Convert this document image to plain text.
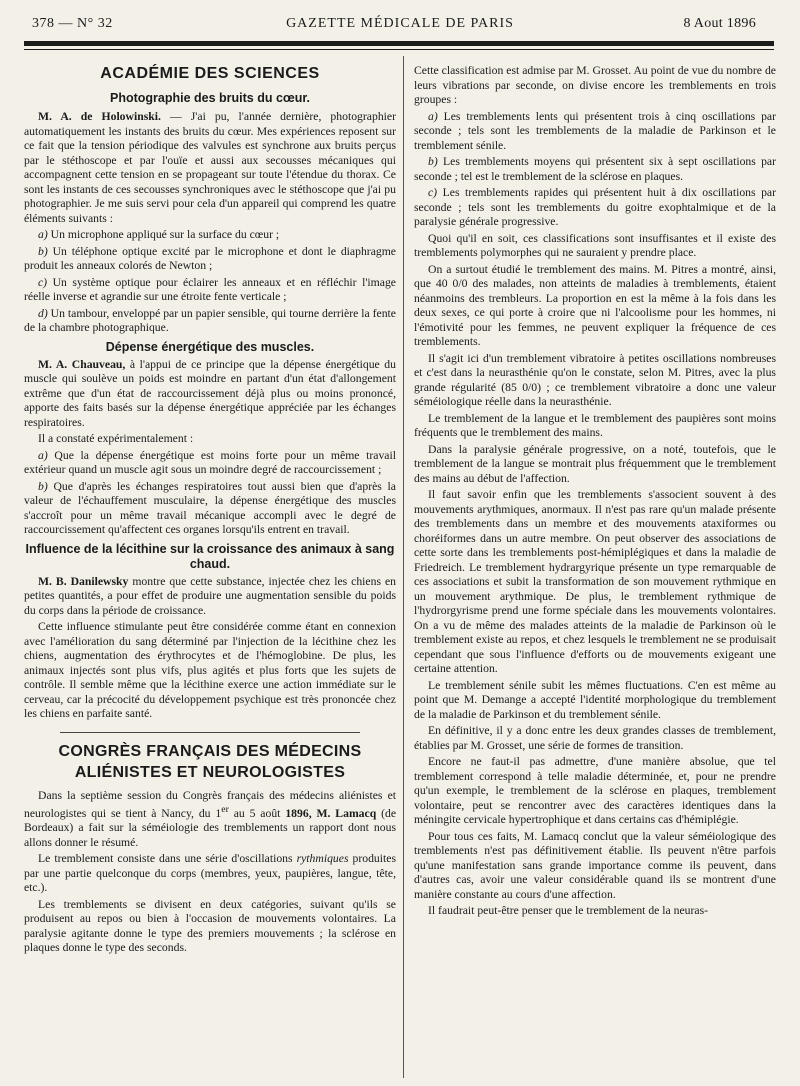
378 — N° 32	GAZETTE MÉDICALE DE PARIS	8 Aout 1896
ACADÉMIE DES SCIENCES
Photographie des bruits du cœur.

M. A. de Holowinski. — J'ai pu, l'année dernière, photographier automatiquement les instants des bruits du cœur. Mes expériences reposent sur ce fait que la tension périodique des valvules est synchrone aux bruits perçus par le stéthoscope et par l'ouïe et aussi aux secousses mécaniques qui accompagnent cette tension en se propageant sur toute l'étendue du thorax. Ce sont les instants de ces secousses synchroniques avec le stéthoscope que j'ai pu photographier. Je me suis servi pour cela d'un appareil qui comprend les quatre éléments suivants :

a) Un microphone appliqué sur la surface du cœur ;

b) Un téléphone optique excité par le microphone et dont le diaphragme produit les anneaux colorés de Newton ;

c) Un système optique pour éclairer les anneaux et en réfléchir l'image réelle inverse et agrandie sur une étroite fente verticale ;

d) Un tambour, enveloppé par un papier sensible, qui tourne derrière la fente de la chambre photographique.

Dépense énergétique des muscles.

M. A. Chauveau, à l'appui de ce principe que la dépense énergétique du muscle qui soulève un poids est moindre en partant d'un état d'allongement extrême que d'un état de raccourcissement déjà plus ou moins prononcé, apporte des faits basés sur la dépense énergétique appréciée par les échanges respiratoires.

Il a constaté expérimentalement :

a) Que la dépense énergétique est moins forte pour un même travail extérieur quand un muscle agit sous un moindre degré de raccourcissement ;

b) Que d'après les échanges respiratoires tout aussi bien que d'après la valeur de l'échauffement musculaire, la dépense énergétique des muscles s'accroît pour un même travail mécanique accompli avec le degré de raccourcissement qu'affectent ces organes lorsqu'ils entrent en travail.

Influence de la lécithine sur la croissance des animaux à sang chaud.

M. B. Danilewsky montre que cette substance, injectée chez les chiens en petites quantités, a pour effet de produire une augmentation sensible du poids du corps dans la période de croissance.

Cette influence stimulante peut être considérée comme étant en connexion avec l'amélioration du sang déterminé par l'injection de la lécithine chez les chiens, augmentation des érythrocytes et de l'hémoglobine. De plus, les animaux injectés sont plus vifs, plus agités et plus forts que les sujets de contrôle. Il semble même que la lécithine exerce une action immédiate sur le cerveau, car la précocité du développement psychique est très prononcée chez les chiens en parfaite santé.

CONGRÈS FRANÇAIS DES MÉDECINS ALIÉNISTES ET NEUROLOGISTES

Dans la septième session du Congrès français des médecins aliénistes et neurologistes qui se tient à Nancy, du 1er au 5 août 1896, M. Lamacq (de Bordeaux) a fait sur la séméiologie des tremblements un rapport dont nous allons donner le résumé.

Le tremblement consiste dans une série d'oscillations rythmiques produites par une partie quelconque du corps (membres, yeux, paupières, langue, tête, etc.).

Les tremblements se divisent en deux catégories, suivant qu'ils se produisent au repos ou bien à l'occasion de mouvements volontaires. La paralysie agitante donne le type des premiers mouvements ; la sclérose en plaques donne le type des seconds.

Cette classification est admise par M. Grosset. Au point de vue du nombre de leurs vibrations par seconde, on divise encore les tremblements en trois groupes :

a) Les tremblements lents qui présentent trois à cinq oscillations par seconde ; tels sont les tremblements de la maladie de Parkinson et le tremblement sénile.

b) Les tremblements moyens qui présentent six à sept oscillations par seconde ; tel est le tremblement de la sclérose en plaques.

c) Les tremblements rapides qui présentent huit à dix oscillations par seconde ; tels sont les tremblements du goitre exophtalmique et de la paralysie générale progressive.

Quoi qu'il en soit, ces classifications sont insuffisantes et il existe des tremblements polymorphes qui ne sauraient y prendre place.

On a surtout étudié le tremblement des mains. M. Pitres a montré, ainsi, que 40 0/0 des malades, non atteints de maladies à tremblements, étaient néanmoins des trembleurs. La proportion en est la même à la fois dans les deux sexes, ce qui porte à croire que ni l'alcoolisme pour les hommes, ni l'émotivité pour les femmes, ne peuvent expliquer la fréquence de ces tremblements.

Il s'agit ici d'un tremblement vibratoire à petites oscillations nombreuses et c'est dans la neurasthénie qu'on le constate, selon M. Pitres, avec la plus grande régularité (85 0/0) ; ce tremblement vibratoire a donc une valeur séméiologique réelle dans la neurasthénie.

Le tremblement de la langue et le tremblement des paupières sont moins fréquents que le tremblement des mains.

Dans la paralysie générale progressive, on a noté, toutefois, que le tremblement de la langue se montrait plus fréquemment que le tremblement des mains au début de l'affection.

Il faut savoir enfin que les tremblements s'associent souvent à des mouvements arythmiques, anormaux. Il n'est pas rare qu'un malade présente des tremblements dans un membre et des mouvements ataxiformes ou choréiformes dans un autre membre. On peut observer des associations de cette sorte dans les tremblements post-hémiplégiques et dans la maladie de Friedreich. Le tremblement hydrargyrique présente un type remarquable de ces associations et subit la transformation de son mouvement rythmique en un mouvement arythmique. De plus, le tremblement rythmique de l'hydrorgyrisme prend une forme spéciale dans les mouvements volontaires. On a vu de même des malades atteints de la maladie de Parkinson où le tremblement existe au repos, et chez lesquels le tremblement ne se produisait cependant que sous l'influence d'efforts ou de mouvements exigeant une certaine attention.

Le tremblement sénile subit les mêmes fluctuations. C'en est même au point que M. Demange a accepté l'identité morphologique du tremblement de la maladie de Parkinson et du tremblement sénile.

En définitive, il y a donc entre les deux grandes classes de tremblement, établies par M. Grosset, une série de formes de transition.

Encore ne faut-il pas admettre, d'une manière absolue, que tel tremblement correspond à telle maladie déterminée, et, pour ne prendre qu'un exemple, le tremblement de la sclérose en plaques, tremblement volontaire, peut se rencontrer avec des caractères identiques dans la méningite cervicale hypertrophique et dans certains cas d'hémiplégie.

Pour tous ces faits, M. Lamacq conclut que la valeur séméiologique des tremblements n'est pas définitivement établie. Ils peuvent n'être parfois qu'une manifestation sans grande importance comme ils peuvent, dans d'autres cas, avoir une valeur considérable quand ils se montrent d'une manière constante au cours d'une affection.

Il faudrait peut-être penser que le tremblement de la neuras-
